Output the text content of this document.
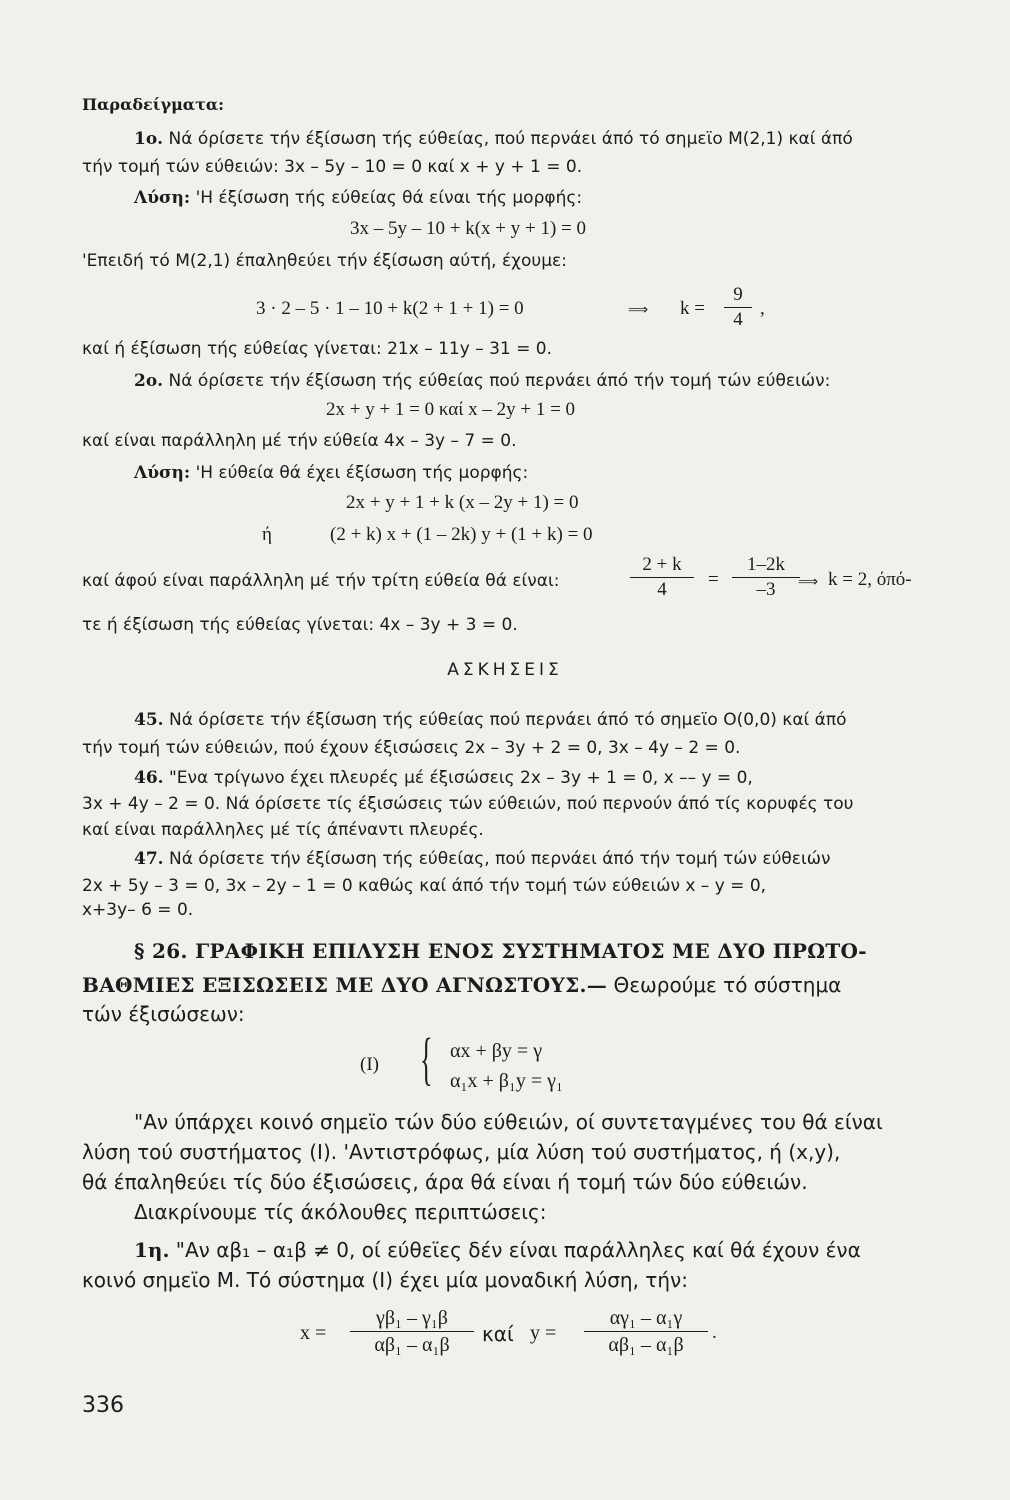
Παραδείγματα:
1ο. Νά όρίσετε τήν έξίσωση τής εύθείας, πού περνάει άπό τό σημεϊο Μ(2,1) καί άπό
τήν τομή τών εύθειών: 3x – 5y – 10 = 0 καί x + y + 1 = 0.
Λύση: 'Η έξίσωση τής εύθείας θά είναι τής μορφής:
3x – 5y – 10 + k(x + y + 1) = 0
'Επειδή τό Μ(2,1) έπαληθεύει τήν έξίσωση αύτή, έχουμε:
3 · 2 – 5 · 1 – 10 + k(2 + 1 + 1) = 0	⟹ $k = \frac{9}{4}$ ,
καί ή έξίσωση τής εύθείας γίνεται: 21x – 11y – 31 = 0.
2ο. Νά όρίσετε τήν έξίσωση τής εύθείας πού περνάει άπό τήν τομή τών εύθειών:
2x + y + 1 = 0 καί x – 2y + 1 = 0
καί είναι παράλληλη μέ τήν εύθεία 4x – 3y – 7 = 0.
Λύση: 'Η εύθεία θά έχει έξίσωση τής μορφής:
2x + y + 1 + k (x – 2y + 1) = 0
ή	(2 + k) x + (1 – 2k) y + (1 + k) = 0
καί άφού είναι παράλληλη μέ τήν τρίτη εύθεία θά είναι:	$\frac{2 + k}{4} = \frac{1-2k}{-3}$
⟹ k = 2, όπό-
τε ή έξίσωση τής εύθείας γίνεται: 4x – 3y + 3 = 0.
ΑΣΚΗΣΕΙΣ
45. Νά όρίσετε τήν έξίσωση τής εύθείας πού περνάει άπό τό σημεϊο O(0,0) καί άπό
τήν τομή τών εύθειών, πού έχουν έξισώσεις 2x – 3y + 2 = 0, 3x – 4y – 2 = 0.
46. "Ενα τρίγωνο έχει πλευρές μέ έξισώσεις 2x – 3y + 1 = 0, x –– y = 0,
3x + 4y – 2 = 0. Νά όρίσετε τίς έξισώσεις τών εύθειών, πού περνούν άπό τίς κορυφές του
καί είναι παράλληλες μέ τίς άπέναντι πλευρές.
47. Νά όρίσετε τήν έξίσωση τής εύθείας, πού περνάει άπό τήν τομή τών εύθειών
2x + 5y – 3 = 0, 3x – 2y – 1 = 0 καθώς καί άπό τήν τομή τών εύθειών x – y = 0,
x+3y– 6 = 0.
§ 26. ΓΡΑΦΙΚΗ ΕΠΙΛΥΣΗ ΕΝΟΣ ΣΥΣΤΗΜΑΤΟΣ ΜΕ ΔΥΟ ΠΡΩΤΟ-
ΒΑΘΜΙΕΣ ΕΞΙΣΩΣΕΙΣ ΜΕ ΔΥΟ ΑΓΝΩΣΤΟΥΣ.— Θεωρούμε τό σύστημα
τών έξισώσεων:
(I) { αx + βy = γ
α₁x + β₁y = γ₁
"Αν ύπάρχει κοινό σημεϊο τών δύο εύθειών, οί συντεταγμένες του θά είναι
λύση τού συστήματος (I). 'Αντιστρόφως, μία λύση τού συστήματος, ή (x,y),
θά έπαληθεύει τίς δύο έξισώσεις, άρα θά είναι ή τομή τών δύο εύθειών.
Διακρίνουμε τίς άκόλουθες περιπτώσεις:
1η. "Αν αβ₁ – α₁β ≠ 0, οί εύθεϊες δέν είναι παράλληλες καί θά έχουν ένα
κοινό σημεϊο Μ. Τό σύστημα (I) έχει μία μοναδική λύση, τήν:
$x = \frac{\text{γβ₁ – γ₁β}}{\text{αβ₁ – α₁β}}$ καί $y = \frac{\text{αγ₁ – α₁γ}}{\text{αβ₁ – α₁β}}$ .
336
